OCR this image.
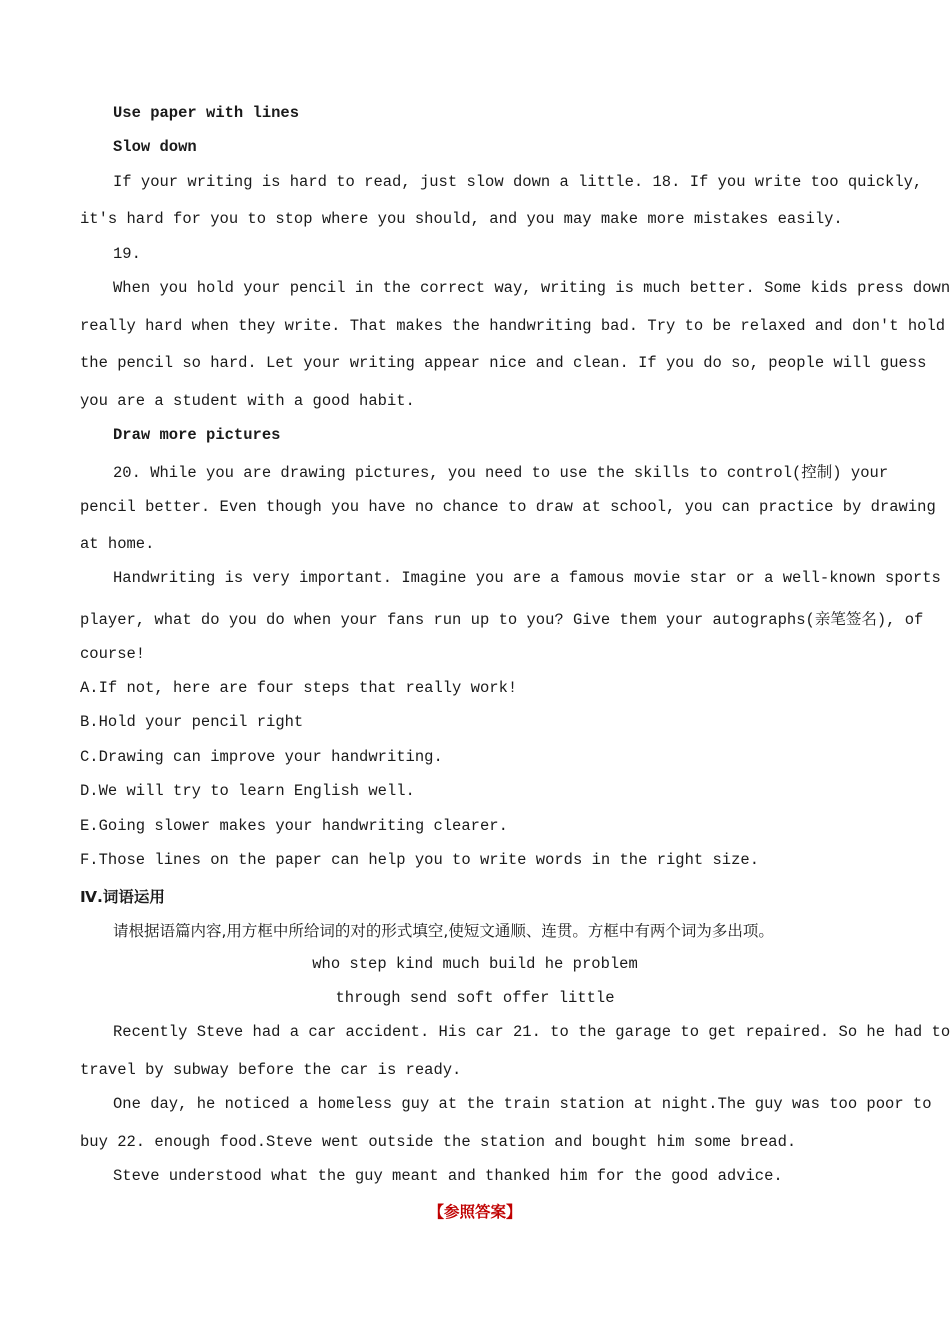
Use paper with lines
Slow down
If your writing is hard to read, just slow down a little. 18. If you write too quickly,
it's hard for you to stop where you should, and you may make more mistakes easily.
19.
When you hold your pencil in the correct way, writing is much better. Some kids press down
really hard when they write. That makes the handwriting bad. Try to be relaxed and don't hold
the pencil so hard. Let your writing appear nice and clean. If you do so, people will guess
you are a student with a good habit.
Draw more pictures
20. While you are drawing pictures, you need to use the skills to control(控制) your
pencil better. Even though you have no chance to draw at school, you can practice by drawing
at home.
Handwriting is very important. Imagine you are a famous movie star or a well-known sports
player, what do you do when your fans run up to you? Give them your autographs(亲笔签名), of
course!
A.If not, here are four steps that really work!
B.Hold your pencil right
C.Drawing can improve your handwriting.
D.We will try to learn English well.
E.Going slower makes your handwriting clearer.
F.Those lines on the paper can help you to write words in the right size.
Ⅳ.词语运用
请根据语篇内容,用方框中所给词的对的形式填空,使短文通顺、连贯。方框中有两个词为多出项。
who step kind much build he problem
through send soft offer little
Recently Steve had a car accident. His car 21. to the garage to get repaired. So he had to
travel by subway before the car is ready.
One day, he noticed a homeless guy at the train station at night.The guy was too poor to
buy 22. enough food.Steve went outside the station and bought him some bread.
Steve understood what the guy meant and thanked him for the good advice.
【参照答案】
